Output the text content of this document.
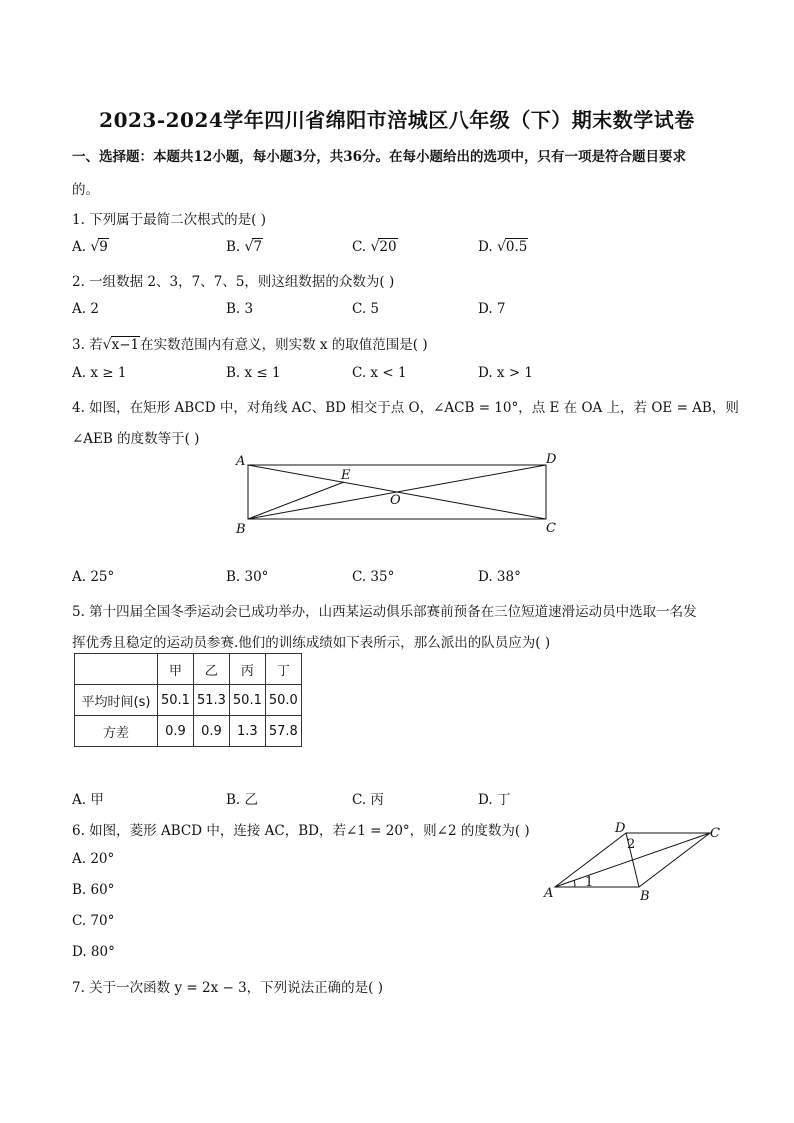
2023-2024学年四川省绵阳市涪城区八年级（下）期末数学试卷
一、选择题：本题共12小题，每小题3分，共36分。在每小题给出的选项中，只有一项是符合题目要求
的。
1. 下列属于最简二次根式的是( )
A. √9	B. √7	C. √20	D. √0.5
2. 一组数据 2、3，7、7、5，则这组数据的众数为( )
A. 2	B. 3	C. 5	D. 7
3. 若√x−1在实数范围内有意义，则实数 x 的取值范围是( )
A. x ≥ 1	B. x ≤ 1	C. x < 1	D. x > 1
4. 如图，在矩形 ABCD 中，对角线 AC、BD 相交于点 O，∠ACB = 10°，点 E 在 OA 上，若 OE = AB，则
∠AEB 的度数等于( )
A
B	C
D
E
O
A. 25°	B. 30°	C. 35°	D. 38°
5. 第十四届全国冬季运动会已成功举办，山西某运动俱乐部赛前预备在三位短道速滑运动员中选取一名发
挥优秀且稳定的运动员参赛.他们的训练成绩如下表所示，那么派出的队员应为( )
	甲	乙	丙	丁
平均时间(s)	50.1	51.3	50.1	50.0
方差	0.9	0.9	1.3	57.8
A. 甲	B. 乙	C. 丙	D. 丁
6. 如图，菱形 ABCD 中，连接 AC，BD，若∠1 = 20°，则∠2 的度数为( )
A. 20°
B. 60°
C. 70°
D. 80°
A	B
C
D
1
2
7. 关于一次函数 y = 2x − 3，下列说法正确的是( )
